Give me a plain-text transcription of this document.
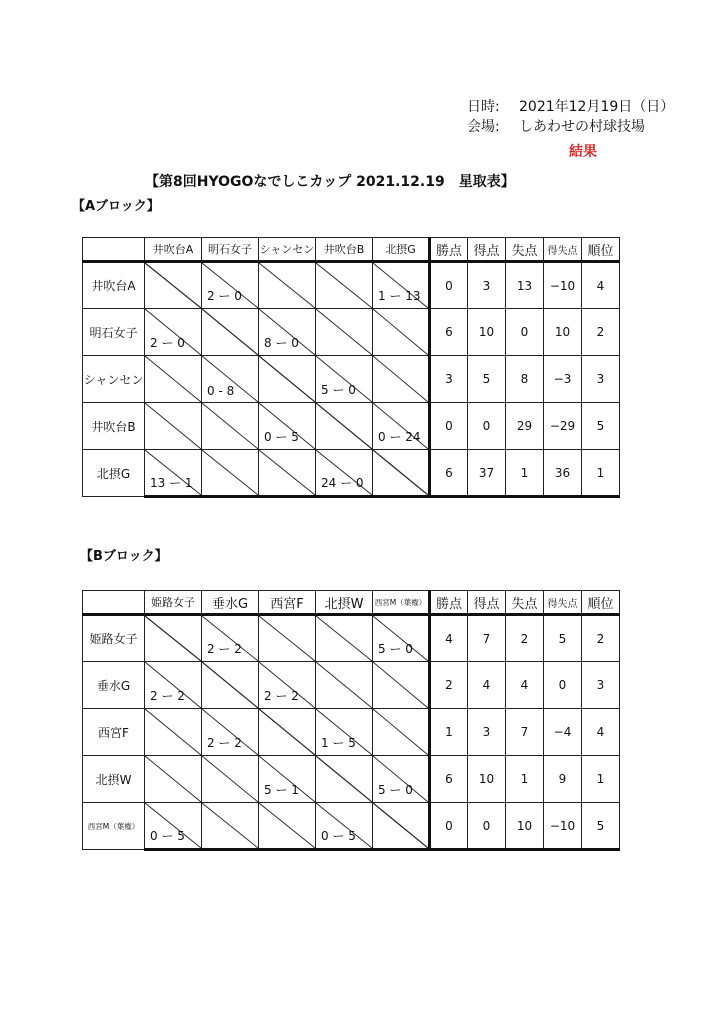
日時: 2021年12月19日（日）
会場: しあわせの村球技場
結果
【第8回HYOGOなでしこカップ 2021.12.19　星取表】
【Aブロック】
	井吹台A	明石女子	シャンセン	井吹台B	北摂G	勝点	得点	失点	得失点	順位
井吹台A		2 ー 0			1 ー 13	0	3	13	−10	4
明石女子	2 ー 0		8 ー 0			6	10	0	10	2
シャンセン		0 - 8		5 ー 0		3	5	8	−3	3
井吹台B			0 ー 5		0 ー 24	0	0	29	−29	5
北摂G	13 ー 1			24 ー 0		6	37	1	36	1
【Bブロック】
	姫路女子	垂水G	西宮F	北摂W	西宮M（葉権）	勝点	得点	失点	得失点	順位
姫路女子		2 ー 2			5 ー 0	4	7	2	5	2
垂水G	2 ー 2		2 ー 2			2	4	4	0	3
西宮F		2 ー 2		1 ー 5		1	3	7	−4	4
北摂W			5 ー 1		5 ー 0	6	10	1	9	1
西宮M（葉権）	0 ー 5			0 ー 5		0	0	10	−10	5
